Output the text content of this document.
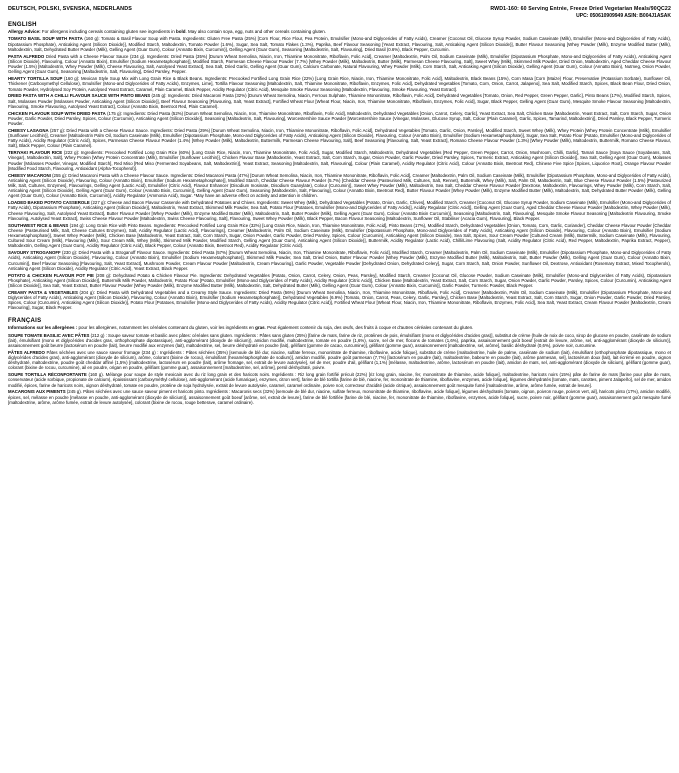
DEUTSCH, POLSKI, SVENSKA, NEDERLANDS	RWD1-160: 60 Serving Entrée, Freeze Dried Vegetarian Meals/90QC22
UPC: 050610909949 ASIN: B004J1ASAK
ENGLISH
Allergy Advice: For allergens including cereals containing gluten see ingredients in bold. May also contain soya, egg, nuts and other cereals containing gluten.
TOMATO BASIL SOUP WITH PASTA (160 g): Tomato & Basil Flavour Soup with Pasta. Ingredients: Gluten Free Pasta (25%) [Corn Flour, Rice Flour, Pea Protein, Emulsifier (Mono-and Diglycerides of Fatty Acids), Creamer (Coconut Oil, Glucose Syrup Powder, Sodium Caseinate (Milk), Emulsifier (Mono-and Diglycerides of Fatty Acids), Dipotassium Phosphate), Anticaking Agent (Silicon Dioxide)], Modified Starch, Maltodextrin, Tomato Powder (1.6%), Sugar, Sea Salt, Tomato Flakes (1.3%), Paprika, Beef Flavour Seasoning [Yeast Extract, Flavouring, Salt, Anticaking Agent (Silicon Dioxide)], Butter Flavour Seasoning [Whey Powder (Milk), Enzyme Modified Butter (Milk), Maltodextrin, Salt, Dehydrated Butter Powder (Milk), Gelling Agent (Guar Gum), Colour (Annatto Bixin, Curcumin)], Gelling Agent (Guar Gum), Seasoning [Maltodextrin, Salt, Flavouring], Dried Basil (0.6%), Black Pepper, Curcumin.
PASTA ALFREDO Dried Pasta with a Cheese Flavour Sauce (234 g). Ingredients: Dried Pasta (35%) [Durum Wheat Semolina, Niacin, Iron, Thiamine Mononitrate, Riboflavin, Folic Acid], Creamer [Maltodextrin, Palm Oil, Sodium Caseinate (Milk), Emulsifier (Dipotassium Phosphate, Mono-and Diglycerides of Fatty Acids), Anticaking Agent (Silicon Dioxide), Flavouring, Colour (Annatto Bixin), Emulsifier (Sodium Hexametaphosphate)], Modified Starch, Parmesan Cheese Flavour Powder (7.7%) [Whey Powder (Milk), Maltodextrin, Butter (Milk), Parmesan Cheese Flavouring, Salt], Sweet Whey (Milk), Skimmed Milk Powder, Dried Onion, Maltodextrin, Aged Cheddar Cheese Flavour Powder (1.5%) [Maltodextrin, Whey Powder (Milk), Cheese Flavouring, Salt, Autolysed Yeast Extract], Sea Salt, Dried Garlic, Gelling Agent (Guar Gum), Calcium Carbonate, Natural Flavouring, Whey Powder (Milk), Corn Starch, Salt, Anticaking Agent (Silicon Dioxide), Gelling Agent (Guar Gum), Colour (Annatto Bixin), Nutmeg, Onion Powder, Gelling Agent (Guar Gum), Seasoning [Maltodextrin, Salt, Flavouring], Dried Parsley, Pepper.
HEARTY TORTILLA SOUP (160 g): Mexican Style Soup Mix with Long Grain Rice & Black Beans. Ingredients: Precooked Fortified Long Grain Rice (22%) [Long Grain Rice, Niacin, Iron, Thiamine Mononitrate, Folic Acid], Maltodextrin, Black Beans (15%), Corn Masa [Corn (Maize) Flour, Preservative (Potassium Sorbate), Sunflower Oil, Thickener (Carboxymethyl Cellulose), Emulsifier (Mono-and Diglycerides of Fatty Acids), Enzymes, Lime], Tortilla Flavour Seasoning [Maltodextrin, Salt, Thiamine Mononitrate, Riboflavin, Enzymes, Folic Acid], Dehydrated Vegetables [Tomato, Corn, Onion, Carrot, Jalapeno], Sea Salt, Modified Starch, Spices, Black Bean Flour, Dried Onion, Tomato Powder, Hydrolysed Soy Protein, Autolysed Yeast Extract, Caramel, Plain Caramel, Black Pepper, Acidity Regulator (Citric Acid), Mesquite Smoke Flavour Seasoning [Maltodextrin, Flavouring, Smoke Flavouring, Yeast Extract].
DRIED PASTA WITH A CHILLI FLAVOUR SAUCE WITH PINTO BEANS (245 g): Ingredients: Dried Macaroni Pasta (32%) [Durum Wheat Semolina, Niacin, Ferrous Sulphate, Thiamine Mononitrate, Riboflavin, Folic Acid], Dehydrated Vegetables [Tomato, Onion, Red Pepper, Green Pepper, Garlic], Pinto Beans (17%), Modified Starch, Spices, Salt, Molasses Powder [Molasses Powder, Anticaking Agent (Silicon Dioxide)], Beef Flavour Seasoning [Flavouring, Salt, Yeast Extract], Fortified Wheat Flour [Wheat Flour, Niacin, Iron, Thiamine Mononitrate, Riboflavin, Enzymes, Folic Acid], Sugar, Black Pepper, Gelling Agent (Guar Gum), Mesquite Smoke Flavour Seasoning [Maltodextrin, Flavouring, Smoke Flavouring, Autolysed Yeast Extract], Colour (Annatto Bixin, Beetroot Red, Plain Caramel).
CHICKEN FLAVOUR SOUP WITH DRIED PASTA (175 g): Ingredients: Dried Pasta (52%) [Durum Wheat Semolina, Niacin, Iron, Thiamine Mononitrate, Riboflavin, Folic Acid], Maltodextrin, Dehydrated Vegetables [Onion, Carrot, Celery, Garlic], Yeast Extract, Sea Salt, Chicken Base [Maltodextrin, Yeast Extract, Salt, Corn Starch, Sugar, Onion Powder, Garlic Powder, Dried Parsley, Spices, Colour (Curcumin), Anticaking Agent (Silicon Dioxide)], Seasoning [Maltodextrin, Salt, Flavouring], Worcestershire Sauce Powder [Worcestershire Sauce (Vinegar, Molasses, Glucose Syrup, Salt, Colour (Plain Caramel), Garlic, Spices, Tamarind, Maltodextrin)], Dried Parsley, Black Pepper, Turmeric Powder.
CHEESY LASAGNA (257 g): Dried Pasta with a Cheese Flavour Sauce. Ingredients: Dried Pasta (29%) [Durum Wheat Semolina, Niacin, Iron, Thiamine Mononitrate, Riboflavin, Folic Acid], Dehydrated Vegetables [Tomato, Garlic, Onion, Parsley], Modified Starch, Sweet Whey (Milk), Whey Protein [Whey Protein Concentrate (Milk), Emulsifier (Sunflower Lecithin)], Creamer [Maltodextrin Palm Oil, Sodium Caseinate (Milk), Emulsifier (Dipotassium Phosphate, Mono-and Diglycerides of Fatty Acids), Anticaking Agent (Silicon Dioxide), Flavouring, Colour (Annatto Bixin), Emulsifier (Sodium Hexametaphosphate)], Sugar, Sea Salt, Potato Flour [Potato, Emulsifier (Mono-and Diglycerides of Fatty Acids), Acidity Regulator (Citric Acid), Spices, Parmesan Cheese Flavour Powder (1.4%) [Whey Powder (Milk), Maltodextrin, Buttermilk, Parmesan Cheese Flavouring, Salt], Beef Seasoning [Flavouring, Salt, Yeast Extract], Romano Cheese Flavour Powder (1.3%) [Whey Powder (Milk), Maltodextrin, Buttermilk, Romano Cheese Flavour, Salt], Black Pepper, Colour (Plain Caramel).
TERIYAKI FLAVOUR RICE (222 g): Ingredients: Precooked Fortified Long Grain Rice (60%) [Long Grain Rice, Niacin, Iron, Thiamine Mononitrate, Folic Acid], Sugar, Modified Starch, Maltodextrin, Dehydrated Vegetables [Red Pepper, Green Pepper, Carrot, Onion, Mushroom, Chilli, Garlic], Tamari Sauce [Soya Sauce (Soyabeans, Salt, Vinegar), Maltodextrin, Salt], Whey Protein [Whey Protein Concentrate (Milk), Emulsifier (Sunflower Lecithin)], Chicken Flavour Base [Maltodextrin, Yeast Extract, Salt, Corn Starch, Sugar, Onion Powder, Garlic Powder, Dried Parsley, Spices, Turmeric Extract, Anticaking Agent (Silicon Dioxide)], Sea Salt, Gelling Agent (Guar Gum), Molasses Powder [Molasses Powder, Vinegar, Modified Starch], Red Miso [Red Miso (Fermented Soyabeans, Salt, Maltodextrin)], Yeast Extract, Seasoning [Maltodextrin, Salt, Flavouring], Colour (Plain Caramel), Acidity Regulator (Citric Acid), Colour (Annatto Bixin, Beetroot Red), Chinese Five Spice [Spices, Liquorice Root], Orange Flavour Powder [Modified Food Starch, Flavouring, Antioxidant (Alpha-Tocopherol)].
CHEESY MACARONI (255 g): Dried Macaroni Pasta with a Cheese Flavour Sauce. Ingredients: Dried Macaroni Pasta (47%) [Durum Wheat Semolina, Niacin, Iron, Thiamine Mononitrate, Riboflavin, Folic Acid], Creamer [Maltodextrin, Palm Oil, Sodium Caseinate (Milk), Emulsifier (Dipotassium Phosphate, Mono-and Diglycerides of Fatty Acids), Anticaking Agent (Silicon Dioxide), Flavouring, Colour (Annatto Bixin), Emulsifier (Sodium Hexametaphosphate)], Modified Starch, Cheddar Cheese Flavour Powder (5.7%) [Cheddar Cheese (Pasteurised Milk, Cultures, Salt, Rennet), Buttermilk, Whey (Milk), Salt, Palm Oil, Maltodextrin, Salt, Blue Cheese Flavour Powder (1.5%) [Pasteurized Milk, Salt, Cultures, Enzymes], Flavourings, Gelling Agent (Lactic Acid), Emulsifier (Citric Acid), Flavour Enhancer (Disodium Inosinate, Disodium Guanylate), Colour (Curcumin)], Sweet Whey Powder (Milk), Maltodextrin, Sea Salt, Cheddar Cheese Flavour Powder [Dextrose, Maltodextrin, Flavourings, Whey Powder (Milk), Corn Starch, Salt, Anticaking Agent (Silicon Dioxide), Gelling Agent (Guar Gum), Colour (Annatto Bixin, Curcumin)], Gelling Agent (Guar Gum), Seasoning [Maltodextrin, Salt, Flavouring], Colour (Annatto Bixin, Beetroot Red), Butter Flavour Powder [Whey Powder (Milk), Enzyme Modified Butter (Milk), Maltodextrin, Salt, Dehydrated Butter Powder (Milk), Gelling Agent (Guar Gum), Colour (Annatto Bixin, Curcumin)], Acidity Regulator (Ammonia Acid), Sugar. *May have an adverse effect on activity and attention in children.
LOADED BAKED POTATO CASSEROLE (227 g): Cheese and Bacon Flavour Casserole with Dehydrated Potatoes and Chives. Ingredients: Sweet Whey (Milk), Dehydrated Vegetables [Potato, Onion, Garlic, Chives], Modified Starch, Creamer [Coconut Oil, Glucose Syrup Powder, Sodium Caseinate (Milk), Emulsifier (Mono-and Diglycerides of Fatty Acids), Dipotassium Phosphate), Anticaking Agent (Silicon Dioxide)], Maltodextrin, Yeast Extract, Skimmed Milk Powder, Sea Salt, Potato Flour [Potatoes, Emulsifier (Mono-and Diglycerides of Fatty Acids)], Acidity Regulator (Citric Acid)], Gelling Agent (Guar Gum), Aged Cheddar Cheese Flavour Powder [Maltodextrin, Whey Powder (Milk), Cheese Flavouring, Salt, Autolysed Yeast Extract], Butter Flavour Powder [Whey Powder (Milk), Enzyme Modified Butter (Milk), Maltodextrin, Salt, Butter Powder (Milk), Gelling Agent (Guar Gum), Colour (Annatto Bixin Curcumin)], Seasoning [Maltodextrin, Salt, Flavouring], Mesquite Smoke Flavour Seasoning [Maltodextrin Flavouring, Smoke Flavouring, Autolysed Yeast Extract], Swiss Cheese Flavour Powder [Maltodextrin, Swiss Cheese Flavouring, Salt], Flavouring, Sweet Whey Powder (Milk), Black Pepper, Bacon Flavour Seasoning [Maltodextrin, Sunflower Oil, Stabiliser (Acacia Gum), Flavouring], Black Pepper.
SOUTHWEST RICE & BEANS (194 g): Long Grain Rice with Pinto Beans. Ingredients: Precooked Fortified Long Grain Rice (32%) [Long Grain Rice, Niacin, Iron, Thiamine Mononitrate, Folic Acid], Pinto Beans (17%), Modified Starch, Dehydrated Vegetables [Onion, Tomato, Corn, Garlic, Coriander], Cheddar Cheese Flavour Powder [Cheddar Cheese (Pasteurised Milk, Salt, Cheese Cultures Enzymes), Salt, Acidity Regulator (Lactic Acid), Flavourings], Creamer [Maltodextrin, Palm Oil, Sodium Caseinate (Milk), Emulsifier (Dipotassium Phosphate, Mono-and Diglycerides of Fatty Acids), Anticaking Agent (Silicon Dioxide), Flavouring, Colour (Annatto Bixin), Emulsifier (Sodium Hexametaphosphate)], Sweet Whey Powder (Milk), Chicken Base [Maltodextrin, Yeast Extract, Salt, Corn Starch, Sugar, Onion Powder, Garlic Powder, Dried Parsley, Spices, Colour (Curcumin), Anticaking Agent (Silicon Dioxide), Sea Salt, Spices, Sour Cream Powder [Cultured Cream (Milk), Buttermilk, Sodium Caseinate (Milk), Flavouring, Cultured Sour Cream (Milk), Flavouring (Milk), Sour Cream Milk, Whey (Milk), Skimmed Milk Powder, Modified Starch, Gelling Agent (Guar Gum), Anticaking Agent (Silicon Dioxide)], Buttermilk, Acidity Regulator (Lactic Acid), Chilli/Lime Flavouring (Salt, Acidity Regulator (Citric Acid), Red Pepper, Maltodextrin, Paprika Extract, Pepper), Maltodextrin, Gelling Agent (Guar Gum), Acidity Regulator (Citric Acid), Black Pepper, Colour (Annatto Bixin, Beetroot Red), Acidity Regulator (Citric Acid).
SAVOURY STROGANOFF (230 g): Dried Pasta with a Stroganoff Flavour Sauce. Ingredients: Dried Pasta (57%) [Durum Wheat Semolina, Niacin, Iron, Thiamine Mononitrate, Riboflavin, Folic Acid], Modified Starch, Creamer [Maltodextrin, Palm Oil, Sodium Caseinate (Milk), Emulsifier (Dipotassium Phosphate, Mono-and Diglycerides of Fatty Acids), Anticaking Agent (Silicon Dioxide), Flavouring, Colour (Annatto Bixin), Emulsifier (Sodium Hexametaphosphate)], Skimmed Milk Powder, Sea Salt, Dried Onion, Butter Flavour Powder [Whey Powder (Milk), Enzyme Modified Butter (Milk), Maltodextrin, Salt, Butter Powder (Milk), Gelling Agent (Guar Gum), Colour (Annatto Bixin, Curcumin)], Beef Flavour Seasoning [Flavouring, Salt, Yeast Extract], Mushroom Powder, Cream Flavour Powder [Maltodextrin, Cream Flavouring], Garlic Powder, Vegetable Powder [Dehydrated Onion, Dehydrated Celery], Sugar, Corn Starch, Salt, Onion Powder, Sunflower Oil, Dextrose, Antioxidant (Rosemary Extract, Mixed Tocopherols), Anticaking Agent (Silicon Dioxide), Acidity Regulator (Citric Acid), Yeast Extract, Black Pepper.
POTATO & CHICKEN FLAVOUR POT PIE (208 g): Dehydrated Potato & Chicken Flavour Pie. Ingredients: Dehydrated Vegetables [Potato, Onion, Carrot, Celery, Onion, Peas, Parsley], Modified Starch, Creamer [Coconut Oil, Glucose Powder, Sodium Caseinate (Milk), Emulsifier (Mono-and Diglycerides of Fatty Acids), Dipotassium Phosphate), Anticaking Agent (Silicon Dioxide)], Buttermilk Milk Powder, Maltodextrin, Potato Flour [Potato, Emulsifier (Mono-and Diglycerides of Fatty Acids), Acidity Regulator (Citric Acid)], Chicken Base [Maltodextrin, Yeast Extract, Salt, Corn Starch, Sugar, Onion Powder, Garlic Powder, Parsley, Spices, Colour (Curcumin), Anticaking Agent (Silicon Dioxide)], Sea Salt, Yeast Extract, Butter Flavour Powder [Whey Powder (Milk), Enzyme Modified Butter (Milk), Maltodextrin, Salt, Dehydrated Butter (Milk), Gelling Agent (Guar Gum), Colour (Annatto Bixin, Curcumin)], Garlic Powder, Turmeric Powder, Black Pepper.
CREAMY PASTA & VEGETABLES (204 g): Dried Pasta with Dehydrated Vegetables and a Creamy Style Sauce. Ingredients: Dried Pasta (56%) [Durum Wheat Semolina, Niacin, Iron, Thiamine Mononitrate, Riboflavin, Folic Acid], Creamer [Maltodextrin, Palm Oil, Sodium Caseinate (Milk), Emulsifier (Dipotassium Phosphate, Mono-and Diglycerides of Fatty Acids), Anticaking Agent (Silicon Dioxide), Flavouring, Colour (Annatto Bixin), Emulsifier (Sodium Hexametaphosphate)], Dehydrated Vegetables (6.9%) [Tomato, Onion, Carrot, Peas, Celery, Garlic, Parsley], Chicken Base [Maltodextrin, Yeast Extract, Salt, Corn Starch, Sugar, Onion Powder, Garlic Powder, Dried Parsley, Spices, Colour (Curcumin), Anticaking Agent (Silicon Dioxide)], Potato Flour [Potatoes, Emulsifier (Mono-and Diglycerides of Fatty Acids), Acidity Regulator (Citric Acid)], Fortified Wheat Flour [Wheat Flour, Niacin, Iron, Thiamine Mononitrate, Riboflavin, Enzymes, Folic Acid], Sea Salt, Yeast Extract, Cream Flavour Powder [Maltodextrin, Cream Flavouring], Sugar, Black Pepper.
FRANÇAIS
Informations sur les allergènes : pour les allergènes, notamment les céréales contenant du gluten, voir les ingrédients en gras. Peut également contenir du soja, des œufs, des fruits à coque et d'autres céréales contenant du gluten.
SOUPE TOMATE BASILIC AVEC PÂTES (212 g) : Soupe saveur tomate et basilic avec pâtes: céréales sans gluten. Ingrédients : Pâtes sans gluten (25%) [farine de maïs, farine de riz, protéines de pois, émulsifiant (mono et diglycérides d'acides gras)], substitut de crème (huile de noix de coco, sirop de glucose en poudre, caséinate de sodium (lait), émulsifiant (mono et diglycérides d'acides gras, orthophosphate dipotassique), anti-agglomérant (dioxyde de silicium)), amidon modifié, maltodextrine, tomate en poudre (1,6%), sucre, sel de mer, flocons de tomates (1,6%), paprika, assaisonnement goût boeuf [extrait de levure, arôme, sel, anti-agglomérant (dioxyde de silicium)], assaisonnement goût beurre [lactosérum en poudre (lait), beurre modifié aux enzymes (lait), maltodextrine, sel, beurre déshydraté en poudre (lait), gélifiant (gomme de cacao, curcumine)], gélifiant (gomme guar), assaisonnement [maltodextrine, sel, arôme], basilic déshydraté (0,6%), poivre noir, curcumine.
PÂTES ALFREDO Pâtes séchées avec une sauce saveur fromage (234 g) : Ingrédients : Pâtes séchées (35%) [semoule de blé dur, niacine, sulfate ferreux, mononitrate de thiamine, riboflavine, acide folique], substitut de crème [maltodextrine, huile de palme, caséinate de sodium (lait), émulsifiant (orthophosphate dipotassique, mono et diglycérides d'acides gras), anti-agglomérant (dioxyde de silicium), arôme, colorant (bixine de rocou), émulsifiant (hexamétaphosphate de sodium)], amidon modifié, poudre goût parmesan (7,7%) [lactosérum en poudre (lait), maltodextrine, babeurre en poudre (lait), arôme parmesan, sel], lactosérum doux (lait), lait écrémé en poudre, oignon déshydraté, maltodextrine, poudre goût cheddar affiné (1,5%) [maltodextrine, lactosérum en poudre (lait), arôme fromage, sel, extrait de levure autolysée], sel de mer, poudre d'ail, gélifiant (1,1%) [mélasse, maltodextrine, arôme, lactosérum en poudre (lait), amidon de maïs, sel, anti-agglomérant (dioxyde de silicium), gélifiant (gomme guar), colorant (bixine de rocou, curcumine), ail en poudre, origan en poudre, gélifiant (gomme guar), assaisonnement [maltodextrine, sel, arôme], persil déshydraté, poivre.
SOUPE TORTILLA RÉCONFORTANTE (160 g). Mélange pour soupe de style mexicain avec du riz long grain et des haricots noirs. Ingrédients : Riz long grain fortifié précuit (22%) [riz long grain, niacine, fer, mononitrate de thiamine, acide folique], maltodextrine, haricots noirs (15%) pâte de farine de maïs [farine pour pâte de maïs, conservateur (acide sorbique, propionate de calcium), épaississant (carboxyméthyl cellulose), anti-agglomérant (acide fumarique), enzymes, citron vert], farine de blé tortilla [farine de blé, niacine, fer, mononitrate de thiamine, riboflavine, enzymes, acide folique], légumes déshydratés [tomate, maïs, carottes, piment Jalapeño], sel de mer, amidon modifié, épices, farine de haricots noirs, oignon déshydraté, tomate en poudre, protéine de soja hydrolysée, extrait de levure autolysée, caramel, caramel ordinaire, poivre noir, correcteur d'acidité (acide citrique), assaisonnement goût mesquite fumé [maltodextrine, arôme, arôme fumée, extrait de levure].
MACARONIS AUX PIMENTS (245 g). Pâtes séchées avec une sauce saveur piment et haricots pinto. Ingrédients : Macaronis secs (32%) [semoule de blé dur, niacine, sulfate ferreux, mononitrate de thiamine, riboflavine, acide folique], légumes déshydratés [tomate, oignon, poivron rouge, poivron vert, ail], haricots pinto (17%), amidon modifié, épices, sel, mélasse en poudre [mélasse en poudre, anti-agglomérant (dioxyde de silicium)], assaisonnement goût boeuf [arôme, sel, extrait de levure], farine de blé fortifiée [farine de blé, niacine, fer, mononitrate de thiamine, riboflavine, enzymes, acide folique], sucre, poivre noir, gélifiant (gomme guar), assaisonnement goût mesquite fumé [maltodextrine, arôme, arôme fumée, extrait de levure autolysée], colorant (bixine de rocou, rouge betterave, caramel ordinaire).
